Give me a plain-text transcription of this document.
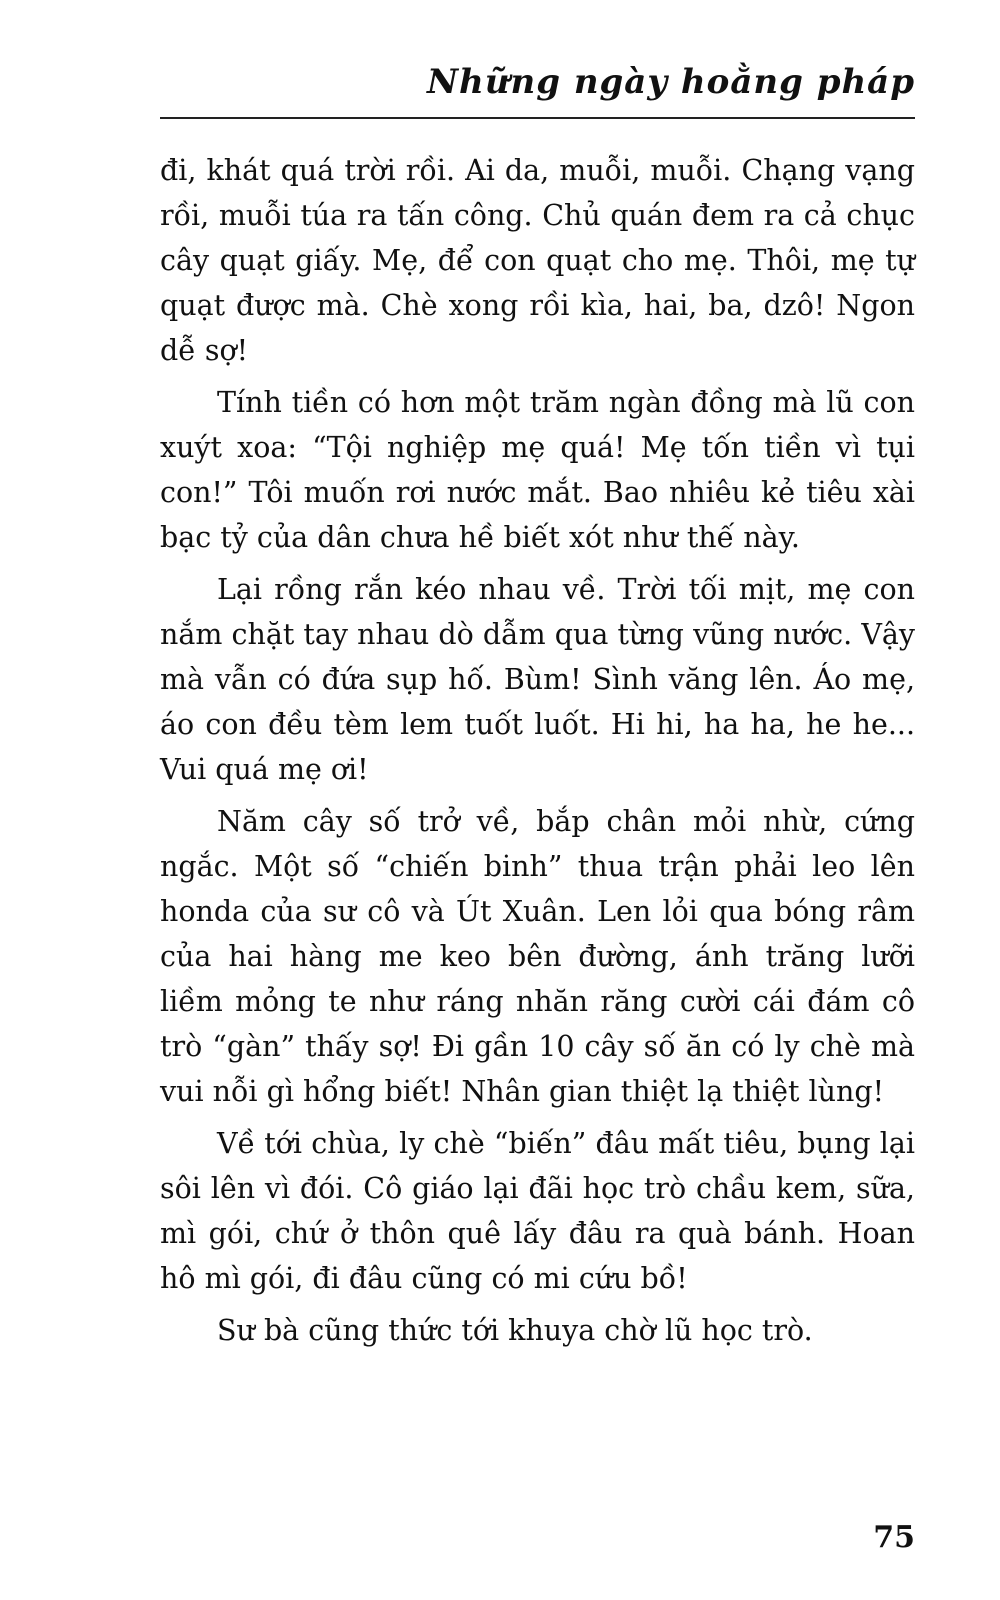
Những ngày hoằng pháp

đi, khát quá trời rồi. Ai da, muỗi, muỗi. Chạng vạng rồi, muỗi túa ra tấn công. Chủ quán đem ra cả chục cây quạt giấy. Mẹ, để con quạt cho mẹ. Thôi, mẹ tự quạt được mà. Chè xong rồi kìa, hai, ba, dzô! Ngon dễ sợ!

Tính tiền có hơn một trăm ngàn đồng mà lũ con xuýt xoa: “Tội nghiệp mẹ quá! Mẹ tốn tiền vì tụi con!” Tôi muốn rơi nước mắt. Bao nhiêu kẻ tiêu xài bạc tỷ của dân chưa hề biết xót như thế này.

Lại rồng rắn kéo nhau về. Trời tối mịt, mẹ con nắm chặt tay nhau dò dẫm qua từng vũng nước. Vậy mà vẫn có đứa sụp hố. Bùm! Sình văng lên. Áo mẹ, áo con đều tèm lem tuốt luốt. Hi hi, ha ha, he he... Vui quá mẹ ơi!

Năm cây số trở về, bắp chân mỏi nhừ, cứng ngắc. Một số “chiến binh” thua trận phải leo lên honda của sư cô và Út Xuân. Len lỏi qua bóng râm của hai hàng me keo bên đường, ánh trăng lưỡi liềm mỏng te như ráng nhăn răng cười cái đám cô trò “gàn” thấy sợ! Đi gần 10 cây số ăn có ly chè mà vui nỗi gì hổng biết! Nhân gian thiệt lạ thiệt lùng!

Về tới chùa, ly chè “biến” đâu mất tiêu, bụng lại sôi lên vì đói. Cô giáo lại đãi học trò chầu kem, sữa, mì gói, chứ ở thôn quê lấy đâu ra quà bánh. Hoan hô mì gói, đi đâu cũng có mi cứu bồ!

Sư bà cũng thức tới khuya chờ lũ học trò.

75
